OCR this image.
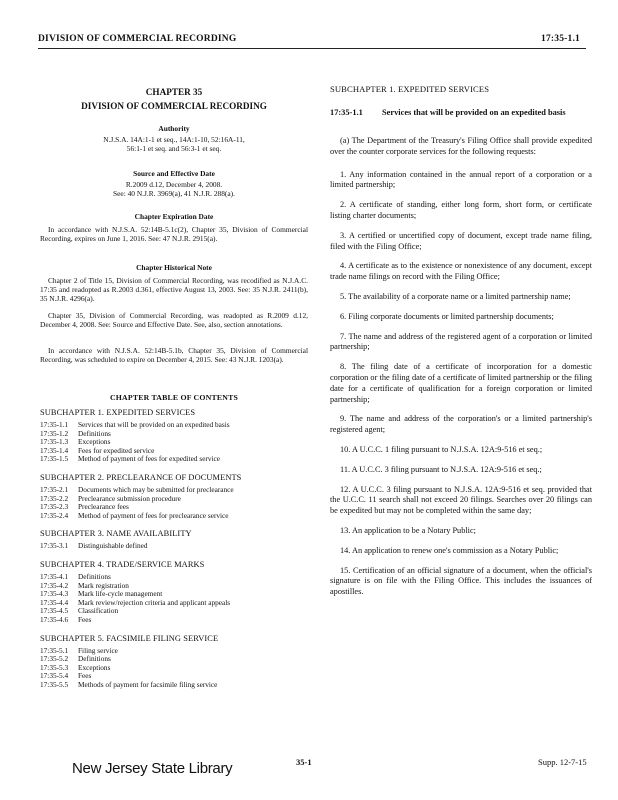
DIVISION OF COMMERCIAL RECORDING	17:35-1.1
CHAPTER 35
DIVISION OF COMMERCIAL RECORDING
Authority
N.J.S.A. 14A:1-1 et seq., 14A:1-10, 52:16A-11, 56:1-1 et seq. and 56:3-1 et seq.
Source and Effective Date
R.2009 d.12, December 4, 2008.
See: 40 N.J.R. 3969(a), 41 N.J.R. 288(a).
Chapter Expiration Date

In accordance with N.J.S.A. 52:14B-5.1c(2), Chapter 35, Division of Commercial Recording, expires on June 1, 2016. See: 47 N.J.R. 2915(a).

Chapter Historical Note

Chapter 2 of Title 15, Division of Commercial Recording, was recodified as N.J.A.C. 17:35 and readopted as R.2003 d.361, effective August 13, 2003. See: 35 N.J.R. 2411(b), 35 N.J.R. 4296(a).

Chapter 35, Division of Commercial Recording, was readopted as R.2009 d.12, December 4, 2008. See: Source and Effective Date. See, also, section annotations.

In accordance with N.J.S.A. 52:14B-5.1b, Chapter 35, Division of Commercial Recording, was scheduled to expire on December 4, 2015. See: 43 N.J.R. 1203(a).

CHAPTER TABLE OF CONTENTS
SUBCHAPTER 1. EXPEDITED SERVICES
17:35-1.1	Services that will be provided on an expedited basis
17:35-1.2	Definitions
17:35-1.3	Exceptions
17:35-1.4	Fees for expedited service
17:35-1.5	Method of payment of fees for expedited service
SUBCHAPTER 2. PRECLEARANCE OF DOCUMENTS
17:35-2.1	Documents which may be submitted for preclearance
17:35-2.2	Preclearance submission procedure
17:35-2.3	Preclearance fees
17:35-2.4	Method of payment of fees for preclearance service
SUBCHAPTER 3. NAME AVAILABILITY
17:35-3.1	Distinguishable defined
SUBCHAPTER 4. TRADE/SERVICE MARKS
17:35-4.1	Definitions
17:35-4.2	Mark registration
17:35-4.3	Mark life-cycle management
17:35-4.4	Mark review/rejection criteria and applicant appeals
17:35-4.5	Classification
17:35-4.6	Fees
SUBCHAPTER 5. FACSIMILE FILING SERVICE
17:35-5.1	Filing service
17:35-5.2	Definitions
17:35-5.3	Exceptions
17:35-5.4	Fees
17:35-5.5	Methods of payment for facsimile filing service
SUBCHAPTER 1. EXPEDITED SERVICES
17:35-1.1	Services that will be provided on an expedited basis

(a) The Department of the Treasury's Filing Office shall provide expedited over the counter corporate services for the following requests:

1. Any information contained in the annual report of a corporation or a limited partnership;

2. A certificate of standing, either long form, short form, or certificate listing charter documents;

3. A certified or uncertified copy of document, except trade name filing, filed with the Filing Office;

4. A certificate as to the existence or nonexistence of any document, except trade name filings on record with the Filing Office;

5. The availability of a corporate name or a limited partnership name;

6. Filing corporate documents or limited partnership documents;

7. The name and address of the registered agent of a corporation or limited partnership;

8. The filing date of a certificate of incorporation for a domestic corporation or the filing date of a certificate of limited partnership or the filing date for a certificate of qualification for a foreign corporation or limited partnership;

9. The name and address of the corporation's or a limited partnership's registered agent;

10. A U.C.C. 1 filing pursuant to N.J.S.A. 12A:9-516 et seq.;

11. A U.C.C. 3 filing pursuant to N.J.S.A. 12A:9-516 et seq.;

12. A U.C.C. 3 filing pursuant to N.J.S.A. 12A:9-516 et seq. provided that the U.C.C. 11 search shall not exceed 20 filings. Searches over 20 filings can be expedited but may not be completed within the same day;

13. An application to be a Notary Public;

14. An application to renew one's commission as a Notary Public;

15. Certification of an official signature of a document, when the official's signature is on file with the Filing Office. This includes the issuances of apostilles.

New Jersey State Library	35-1	Supp. 12-7-15
